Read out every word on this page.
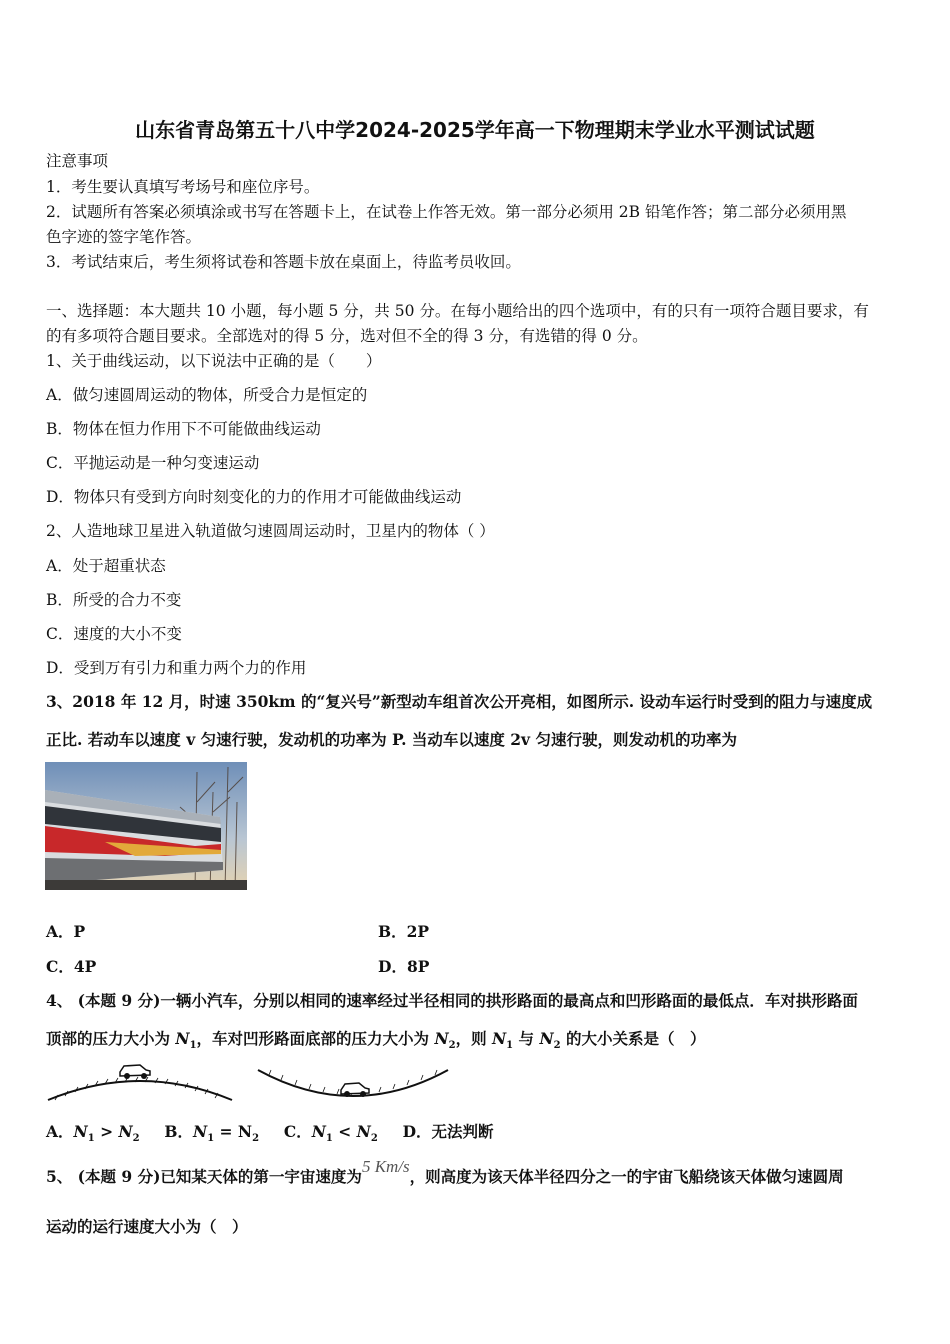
山东省青岛第五十八中学2024-2025学年高一下物理期末学业水平测试试题
注意事项
1．考生要认真填写考场号和座位序号。
2．试题所有答案必须填涂或书写在答题卡上，在试卷上作答无效。第一部分必须用 2B 铅笔作答；第二部分必须用黑
色字迹的签字笔作答。
3．考试结束后，考生须将试卷和答题卡放在桌面上，待监考员收回。
一、选择题：本大题共 10 小题，每小题 5 分，共 50 分。在每小题给出的四个选项中，有的只有一项符合题目要求，有
的有多项符合题目要求。全部选对的得 5 分，选对但不全的得 3 分，有选错的得 0 分。
1、关于曲线运动，以下说法中正确的是（　　）
A．做匀速圆周运动的物体，所受合力是恒定的
B．物体在恒力作用下不可能做曲线运动
C．平抛运动是一种匀变速运动
D．物体只有受到方向时刻变化的力的作用才可能做曲线运动
2、人造地球卫星进入轨道做匀速圆周运动时，卫星内的物体（ ）
A．处于超重状态
B．所受的合力不变
C．速度的大小不变
D．受到万有引力和重力两个力的作用
3、2018 年 12 月，时速 350km 的“复兴号”新型动车组首次公开亮相，如图所示. 设动车运行时受到的阻力与速度成
正比. 若动车以速度 v 匀速行驶，发动机的功率为 P. 当动车以速度 2v 匀速行驶，则发动机的功率为
A．P	B．2P
C．4P	D．8P
4、 (本题 9 分)一辆小汽车，分别以相同的速率经过半径相同的拱形路面的最高点和凹形路面的最低点．车对拱形路面
顶部的压力大小为 $N_1$，车对凹形路面底部的压力大小为 $N_2$，则 $N_1$ 与 $N_2$ 的大小关系是（　）
A．$N_1 > N_2$ B．$N_1 = N_2$ C．$N_1 < N_2$ D．无法判断
5、 (本题 9 分)已知某天体的第一宇宙速度为5 Km/s，则高度为该天体半径四分之一的宇宙飞船绕该天体做匀速圆周
运动的运行速度大小为（　）
